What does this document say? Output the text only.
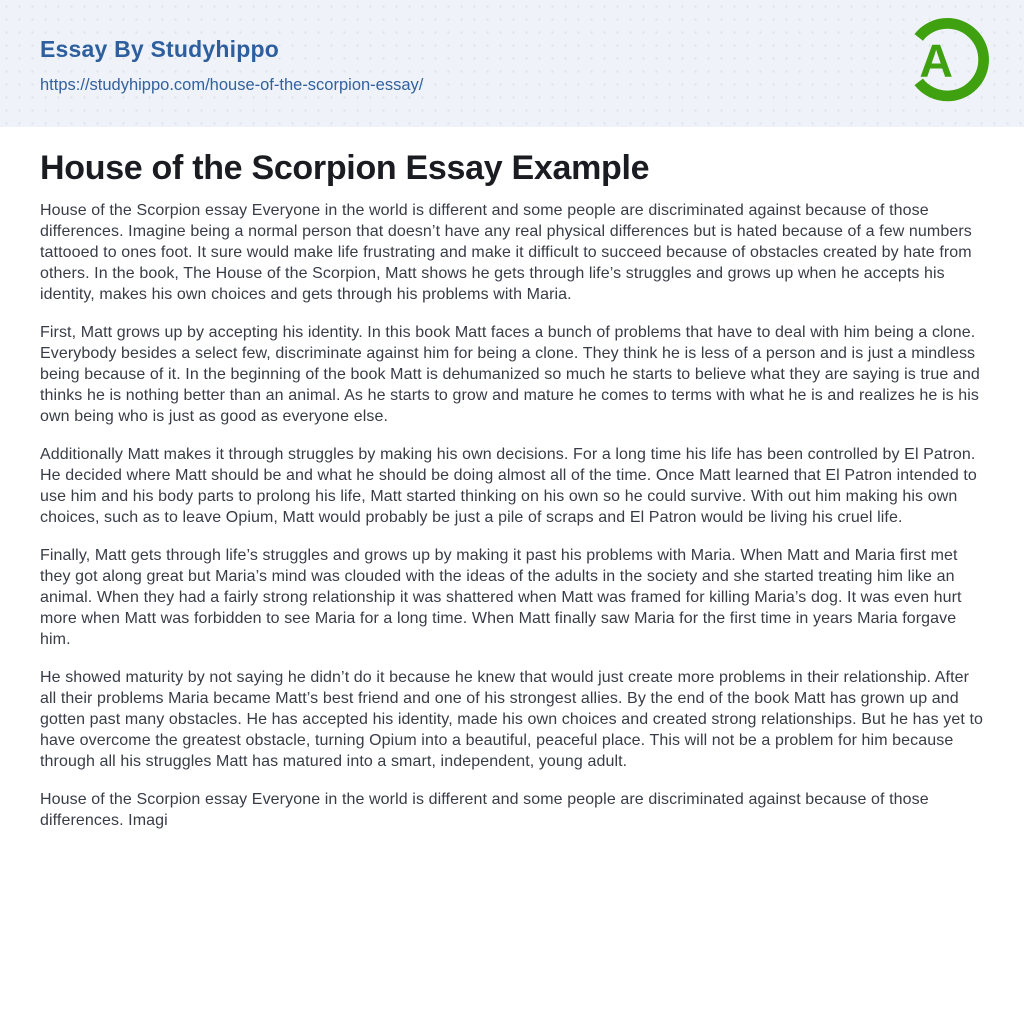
Essay By Studyhippo
https://studyhippo.com/house-of-the-scorpion-essay/	A
House of the Scorpion Essay Example

House of the Scorpion essay Everyone in the world is different and some people are discriminated against because of those differences. Imagine being a normal person that doesn’t have any real physical differences but is hated because of a few numbers tattooed to ones foot. It sure would make life frustrating and make it difficult to succeed because of obstacles created by hate from others. In the book, The House of the Scorpion, Matt shows he gets through life’s struggles and grows up when he accepts his identity, makes his own choices and gets through his problems with Maria.

First, Matt grows up by accepting his identity. In this book Matt faces a bunch of problems that have to deal with him being a clone. Everybody besides a select few, discriminate against him for being a clone. They think he is less of a person and is just a mindless being because of it. In the beginning of the book Matt is dehumanized so much he starts to believe what they are saying is true and thinks he is nothing better than an animal. As he starts to grow and mature he comes to terms with what he is and realizes he is his own being who is just as good as everyone else.

Additionally Matt makes it through struggles by making his own decisions. For a long time his life has been controlled by El Patron. He decided where Matt should be and what he should be doing almost all of the time. Once Matt learned that El Patron intended to use him and his body parts to prolong his life, Matt started thinking on his own so he could survive. With out him making his own choices, such as to leave Opium, Matt would probably be just a pile of scraps and El Patron would be living his cruel life.

Finally, Matt gets through life’s struggles and grows up by making it past his problems with Maria. When Matt and Maria first met they got along great but Maria’s mind was clouded with the ideas of the adults in the society and she started treating him like an animal. When they had a fairly strong relationship it was shattered when Matt was framed for killing Maria’s dog. It was even hurt more when Matt was forbidden to see Maria for a long time. When Matt finally saw Maria for the first time in years Maria forgave him.

He showed maturity by not saying he didn’t do it because he knew that would just create more problems in their relationship. After all their problems Maria became Matt’s best friend and one of his strongest allies. By the end of the book Matt has grown up and gotten past many obstacles. He has accepted his identity, made his own choices and created strong relationships. But he has yet to have overcome the greatest obstacle, turning Opium into a beautiful, peaceful place. This will not be a problem for him because through all his struggles Matt has matured into a smart, independent, young adult.

House of the Scorpion essay Everyone in the world is different and some people are discriminated against because of those differences. Imagi
